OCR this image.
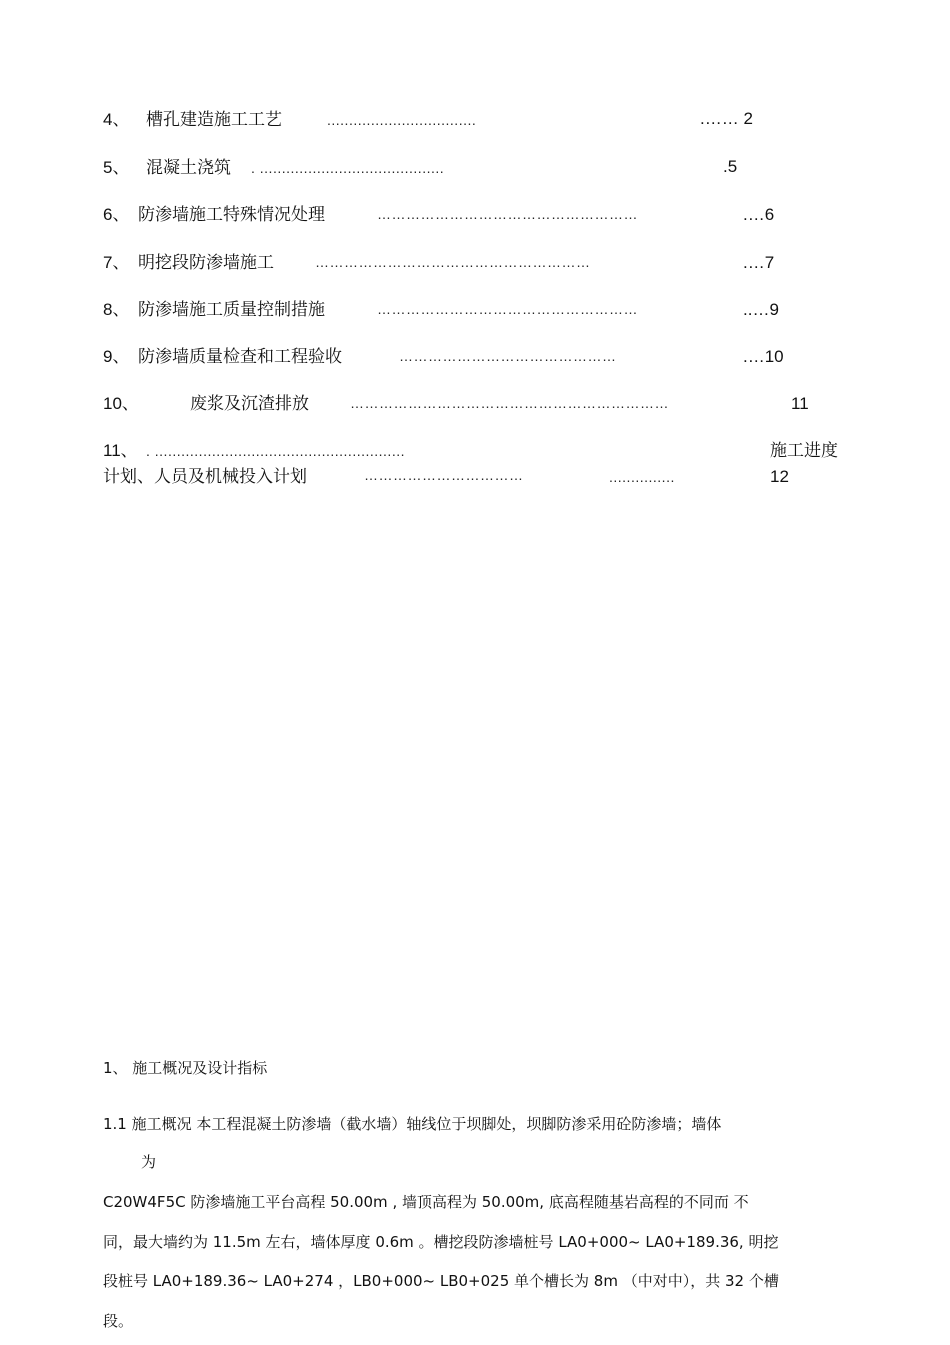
4、 槽孔建造施工工艺	..................................	.…… 2
5、 混凝土浇筑 . ..........................................	.5
6、 防渗墙施工特殊情况处理	………………………………………………	.…6
7、 明挖段防渗墙施工	…………………………………………………	.…7
8、 防渗墙施工质量控制措施	………………………………………………	..…9
9、 防渗墙质量检查和工程验收	………………………………………	.…10
10、	废浆及沉渣排放	…………………………………………………………	11
11、 . .........................................................	施工进度
计划、人员及机械投入计划	……………………………	...............	12
1、 施工概况及设计指标
1.1 施工概况 本工程混凝土防渗墙（截水墙）轴线位于坝脚处，坝脚防渗采用砼防渗墙；墙体
为
C20W4F5C 防渗墙施工平台高程 50.00m , 墙顶高程为 50.00m, 底高程随基岩高程的不同而 不
同，最大墙约为 11.5m 左右，墙体厚度 0.6m 。槽挖段防渗墙桩号 LA0+000~ LA0+189.36, 明挖
段桩号 LA0+189.36~ LA0+274 ，LB0+000~ LB0+025 单个槽长为 8m （中对中），共 32 个槽
段。
